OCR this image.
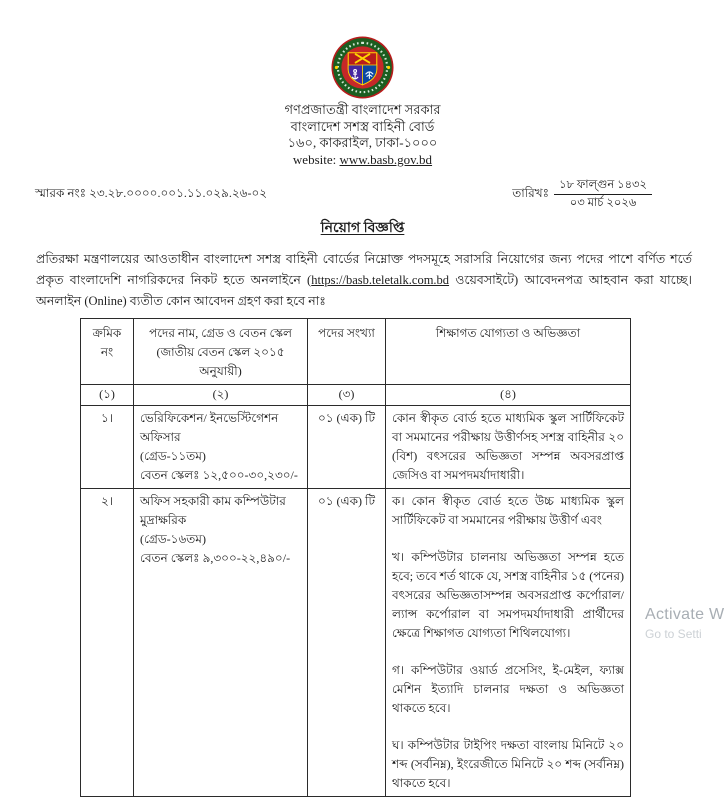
গণপ্রজাতন্ত্রী বাংলাদেশ সরকার
বাংলাদেশ সশস্ত্র বাহিনী বোর্ড
১৬০, কাকরাইল, ঢাকা-১০০০
website: www.basb.gov.bd
স্মারক নংঃ ২৩.২৮.০০০০.০০১.১১.০২৯.২৬-০২	তারিখঃ
১৮ ফাল্গুন ১৪৩২
০৩ মার্চ ২০২৬
নিয়োগ বিজ্ঞপ্তি

প্রতিরক্ষা মন্ত্রণালয়ের আওতাধীন বাংলাদেশ সশস্ত্র বাহিনী বোর্ডের নিম্নোক্ত পদসমূহে সরাসরি নিয়োগের জন্য পদের পাশে বর্ণিত শর্তে প্রকৃত বাংলাদেশি নাগরিকদের নিকট হতে অনলাইনে (https://basb.teletalk.com.bd ওয়েবসাইটে) আবেদনপত্র আহবান করা যাচ্ছে। অনলাইন (Online) ব্যতীত কোন আবেদন গ্রহণ করা হবে নাঃ

ক্রমিক নং	পদের নাম, গ্রেড ও বেতন স্কেল (জাতীয় বেতন স্কেল ২০১৫ অনুযায়ী)	পদের সংখ্যা	শিক্ষাগত যোগ্যতা ও অভিজ্ঞতা
(১)	(২)	(৩)	(৪)
১।	ভেরিফিকেশন/ ইনভেস্টিগেশন অফিসার
(গ্রেড-১১তম)
বেতন স্কেলঃ ১২,৫০০-৩০,২৩০/-	০১ (এক) টি	কোন স্বীকৃত বোর্ড হতে মাধ্যমিক স্কুল সার্টিফিকেট বা সমমানের পরীক্ষায় উত্তীর্ণসহ সশস্ত্র বাহিনীর ২০ (বিশ) বৎসরের অভিজ্ঞতা সম্পন্ন অবসরপ্রাপ্ত জেসিও বা সমপদমর্যাদাধারী।

২।	অফিস সহকারী কাম কম্পিউটার মুদ্রাক্ষরিক
(গ্রেড-১৬তম)
বেতন স্কেলঃ ৯,৩০০-২২,৪৯০/-
	০১ (এক) টি	ক। কোন স্বীকৃত বোর্ড হতে উচ্চ মাধ্যমিক স্কুল সার্টিফিকেট বা সমমানের পরীক্ষায় উত্তীর্ণ এবং

খ। কম্পিউটার চালনায় অভিজ্ঞতা সম্পন্ন হতে হবে; তবে শর্ত থাকে যে, সশস্ত্র বাহিনীর ১৫ (পনের) বৎসরের অভিজ্ঞতাসম্পন্ন অবসরপ্রাপ্ত কর্পোরাল/ল্যান্স কর্পোরাল বা সমপদমর্যাদাধারী প্রার্থীদের ক্ষেত্রে শিক্ষাগত যোগ্যতা শিথিলযোগ্য।

গ। কম্পিউটার ওয়ার্ড প্রসেসিং, ই-মেইল, ফ্যাক্স মেশিন ইত্যাদি চালনার দক্ষতা ও অভিজ্ঞতা থাকতে হবে।

ঘ। কম্পিউটার টাইপিং দক্ষতা বাংলায় মিনিটে ২০ শব্দ (সর্বনিম্ন), ইংরেজীতে মিনিটে ২০ শব্দ (সর্বনিম্ন) থাকতে হবে।

Activate W
Go to Setti
